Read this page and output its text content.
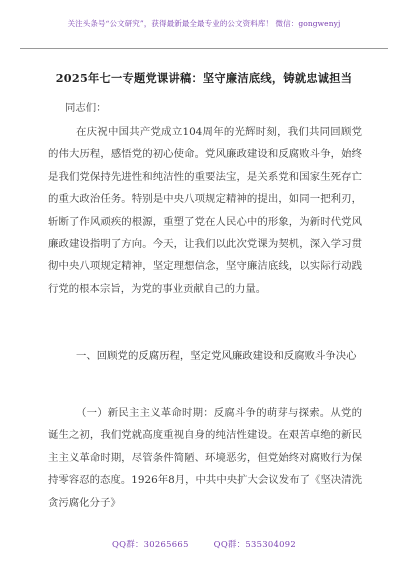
关注头条号“公文研究”，获得最新最全最专业的公文资料库！ 微信：gongwenyj
2025年七一专题党课讲稿：坚守廉洁底线，铸就忠诚担当
同志们：
在庆祝中国共产党成立104周年的光辉时刻，我们共同回顾党的伟大历程，感悟党的初心使命。党风廉政建设和反腐败斗争，始终是我们党保持先进性和纯洁性的重要法宝，是关系党和国家生死存亡的重大政治任务。特别是中央八项规定精神的提出，如同一把利刃，斩断了作风顽疾的根源，重塑了党在人民心中的形象，为新时代党风廉政建设指明了方向。今天，让我们以此次党课为契机，深入学习贯彻中央八项规定精神，坚定理想信念，坚守廉洁底线，以实际行动践行党的根本宗旨，为党的事业贡献自己的力量。
一、回顾党的反腐历程，坚定党风廉政建设和反腐败斗争决心
（一）新民主主义革命时期：反腐斗争的萌芽与探索。从党的诞生之初，我们党就高度重视自身的纯洁性建设。在艰苦卓绝的新民主主义革命时期，尽管条件简陋、环境恶劣，但党始终对腐败行为保持零容忍的态度。1926年8月，中共中央扩大会议发布了《坚决清洗贪污腐化分子》
QQ群：30265665	QQ群：535304092
